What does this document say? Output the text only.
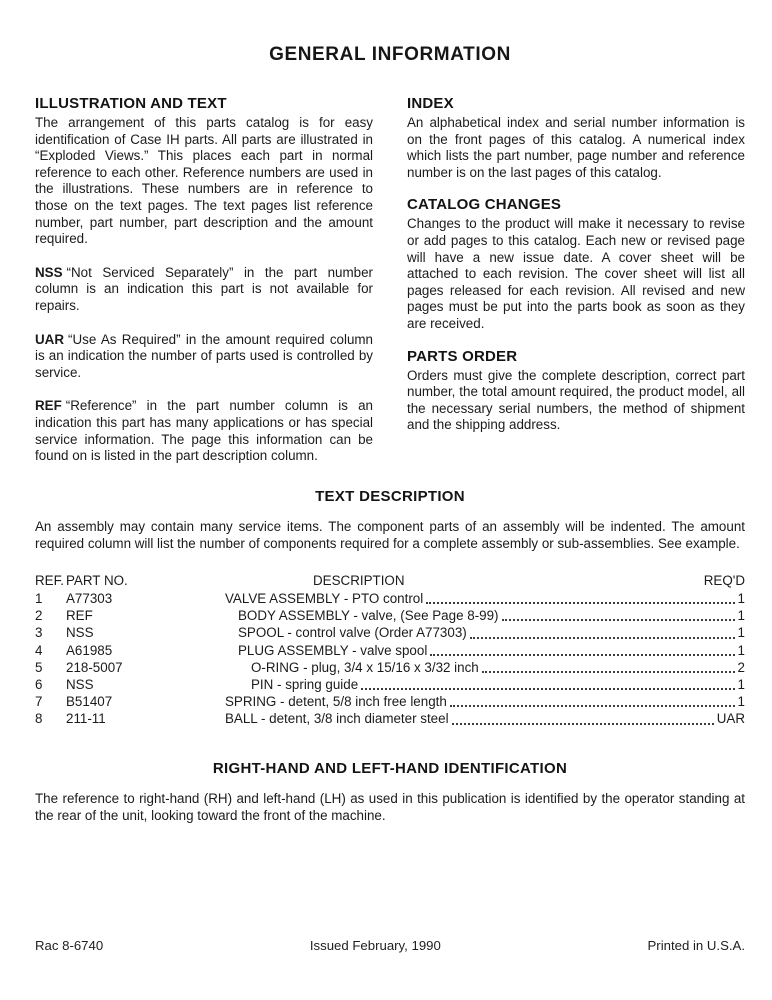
GENERAL INFORMATION
ILLUSTRATION AND TEXT

The arrangement of this parts catalog is for easy identification of Case IH parts. All parts are illustrated in “Exploded Views.” This places each part in normal reference to each other. Reference numbers are used in the illustrations. These numbers are in reference to those on the text pages. The text pages list reference number, part number, part description and the amount required.

NSS “Not Serviced Separately” in the part number column is an indication this part is not available for repairs.

UAR “Use As Required” in the amount required column is an indication the number of parts used is controlled by service.

REF “Reference” in the part number column is an indication this part has many applications or has special service information. The page this information can be found on is listed in the part description column.

INDEX

An alphabetical index and serial number information is on the front pages of this catalog. A numerical index which lists the part number, page number and reference number is on the last pages of this catalog.

CATALOG CHANGES

Changes to the product will make it necessary to revise or add pages to this catalog. Each new or revised page will have a new issue date. A cover sheet will be attached to each revision. The cover sheet will list all pages released for each revision. All revised and new pages must be put into the parts book as soon as they are received.

PARTS ORDER

Orders must give the complete description, correct part number, the total amount required, the product model, all the necessary serial numbers, the method of shipment and the shipping address.

TEXT DESCRIPTION

An assembly may contain many service items. The component parts of an assembly will be indented. The amount required column will list the number of components required for a complete assembly or sub-assemblies. See example.

REF. PART NO.	DESCRIPTION	REQ'D
1	A77303	VALVE ASSEMBLY - PTO control	1
2	REF	BODY ASSEMBLY - valve, (See Page 8-99)	1
3	NSS	SPOOL - control valve (Order A77303)	1
4	A61985	PLUG ASSEMBLY - valve spool	1
5	218-5007	O-RING - plug, 3/4 x 15/16 x 3/32 inch	2
6	NSS	PIN - spring guide	1
7	B51407	SPRING - detent, 5/8 inch free length	1
8	211-11	BALL - detent, 3/8 inch diameter steel	UAR
RIGHT-HAND AND LEFT-HAND IDENTIFICATION

The reference to right-hand (RH) and left-hand (LH) as used in this publication is identified by the operator standing at the rear of the unit, looking toward the front of the machine.

Rac 8-6740	Issued February, 1990	Printed in U.S.A.
